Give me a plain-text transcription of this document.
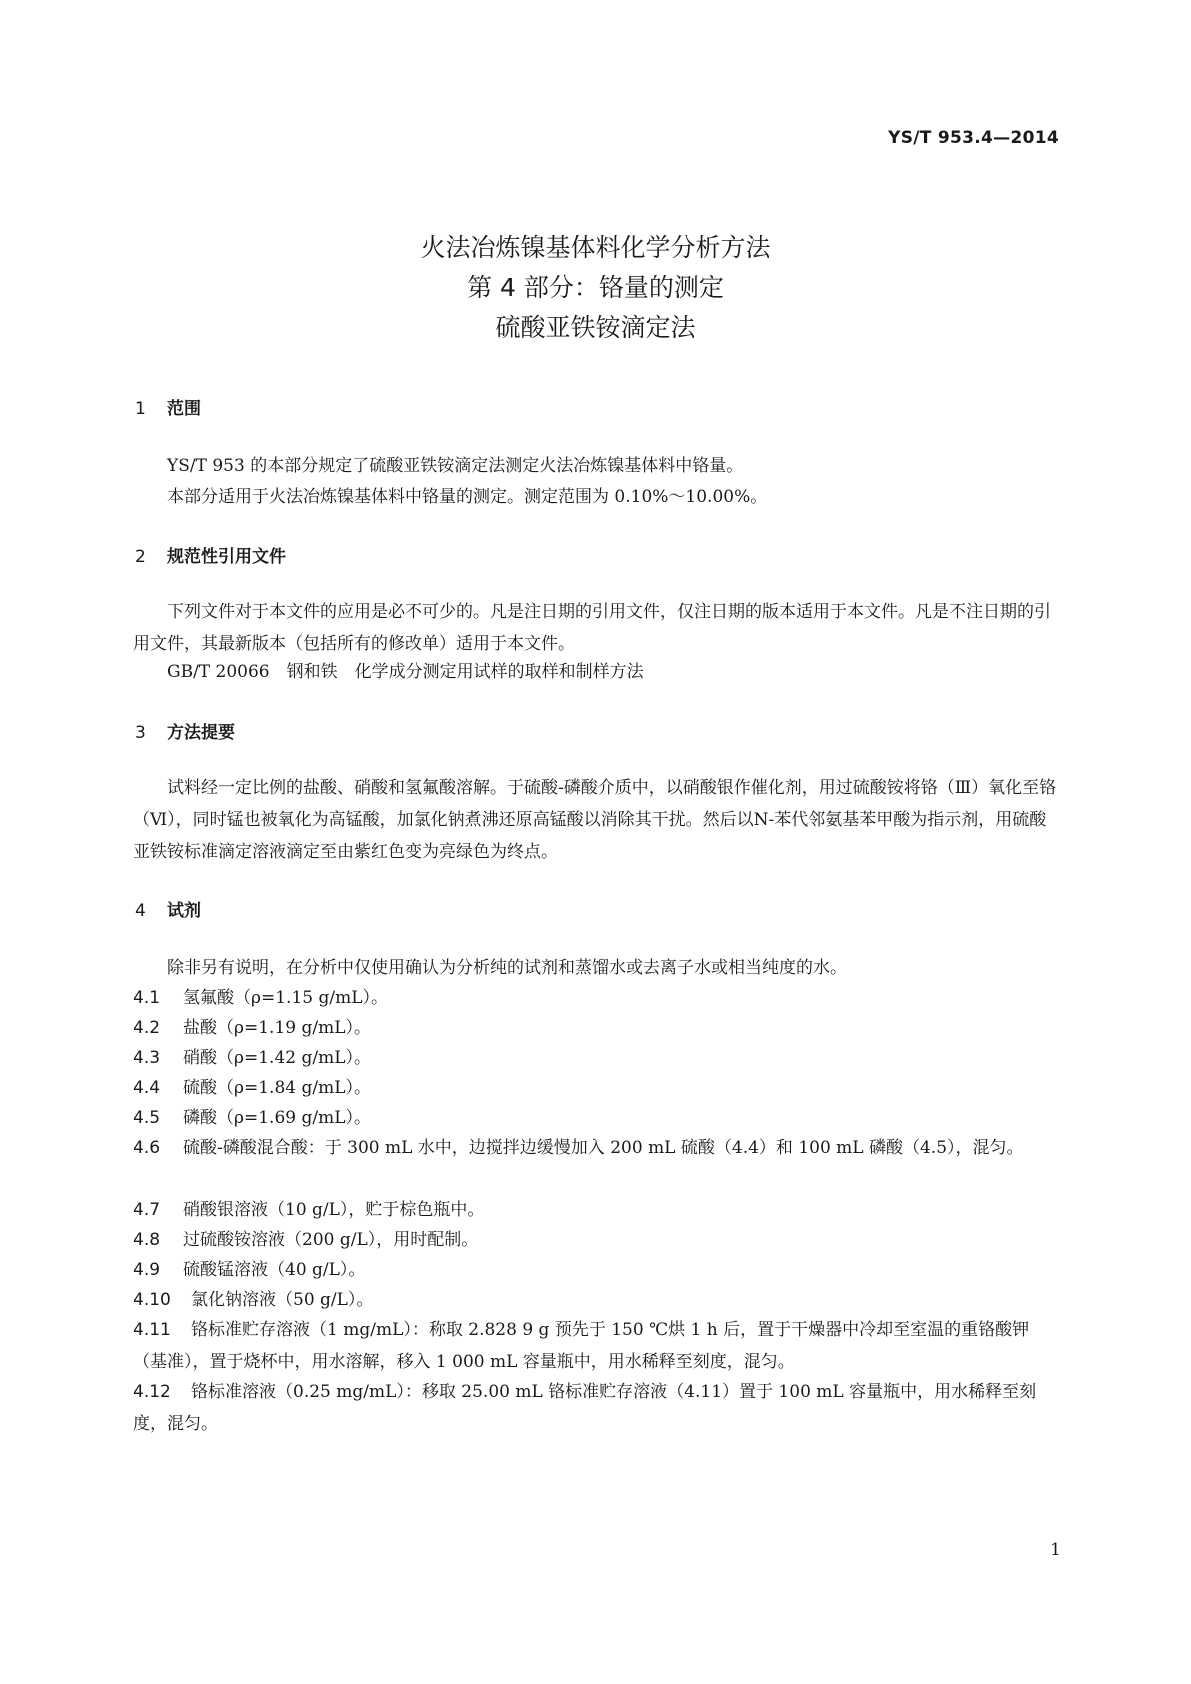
YS/T 953.4—2014
火法冶炼镍基体料化学分析方法
第 4 部分：铬量的测定
硫酸亚铁铵滴定法
1 范围

YS/T 953 的本部分规定了硫酸亚铁铵滴定法测定火法冶炼镍基体料中铬量。

本部分适用于火法冶炼镍基体料中铬量的测定。测定范围为 0.10%～10.00%。

2 规范性引用文件

下列文件对于本文件的应用是必不可少的。凡是注日期的引用文件，仅注日期的版本适用于本文件。凡是不注日期的引用文件，其最新版本（包括所有的修改单）适用于本文件。

GB/T 20066　钢和铁　化学成分测定用试样的取样和制样方法

3 方法提要

试料经一定比例的盐酸、硝酸和氢氟酸溶解。于硫酸-磷酸介质中，以硝酸银作催化剂，用过硫酸铵将铬（Ⅲ）氧化至铬（Ⅵ），同时锰也被氧化为高锰酸，加氯化钠煮沸还原高锰酸以消除其干扰。然后以N-苯代邻氨基苯甲酸为指示剂，用硫酸亚铁铵标准滴定溶液滴定至由紫红色变为亮绿色为终点。

4 试剂

除非另有说明，在分析中仅使用确认为分析纯的试剂和蒸馏水或去离子水或相当纯度的水。

4.1 氢氟酸（ρ=1.15 g/mL）。

4.2 盐酸（ρ=1.19 g/mL）。

4.3 硝酸（ρ=1.42 g/mL）。

4.4 硫酸（ρ=1.84 g/mL）。

4.5 磷酸（ρ=1.69 g/mL）。

4.6 硫酸-磷酸混合酸：于 300 mL 水中，边搅拌边缓慢加入 200 mL 硫酸（4.4）和 100 mL 磷酸（4.5），混匀。

4.7 硝酸银溶液（10 g/L），贮于棕色瓶中。

4.8 过硫酸铵溶液（200 g/L），用时配制。

4.9 硫酸锰溶液（40 g/L）。

4.10 氯化钠溶液（50 g/L）。

4.11 铬标准贮存溶液（1 mg/mL）：称取 2.828 9 g 预先于 150 ℃烘 1 h 后，置于干燥器中冷却至室温的重铬酸钾（基准），置于烧杯中，用水溶解，移入 1 000 mL 容量瓶中，用水稀释至刻度，混匀。

4.12 铬标准溶液（0.25 mg/mL）：移取 25.00 mL 铬标准贮存溶液（4.11）置于 100 mL 容量瓶中，用水稀释至刻度，混匀。

1
